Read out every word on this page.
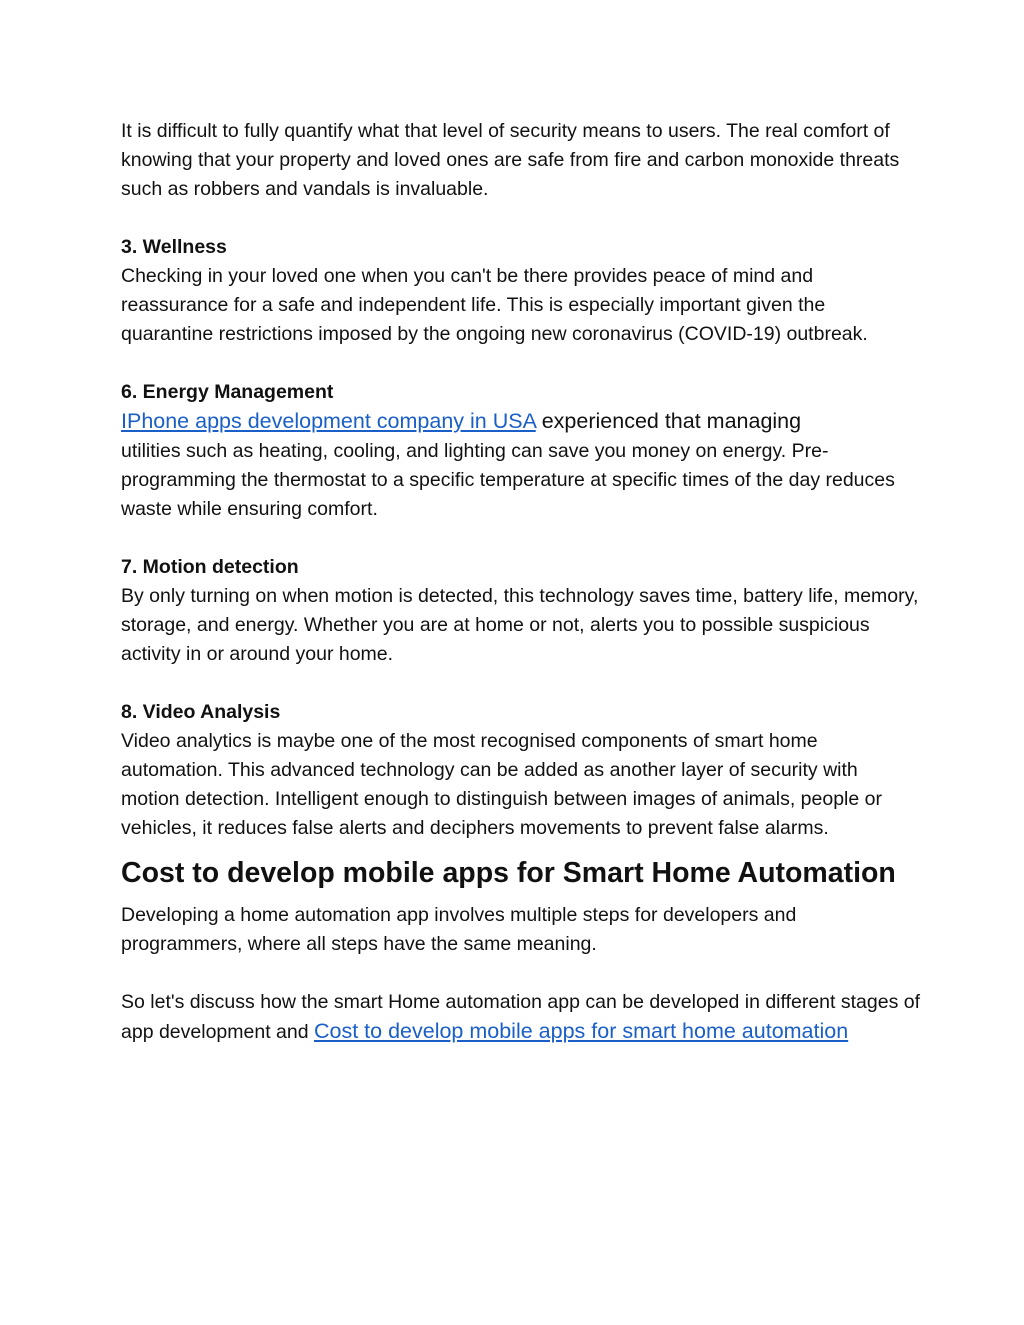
It is difficult to fully quantify what that level of security means to users. The real comfort of knowing that your property and loved ones are safe from fire and carbon monoxide threats such as robbers and vandals is invaluable.

3. Wellness

Checking in your loved one when you can't be there provides peace of mind and reassurance for a safe and independent life. This is especially important given the quarantine restrictions imposed by the ongoing new coronavirus (COVID-19) outbreak.

6. Energy Management

IPhone apps development company in USA experienced that managing
utilities such as heating, cooling, and lighting can save you money on energy. Pre-programming the thermostat to a specific temperature at specific times of the day reduces waste while ensuring comfort.

7. Motion detection

By only turning on when motion is detected, this technology saves time, battery life, memory, storage, and energy. Whether you are at home or not, alerts you to possible suspicious activity in or around your home.

8. Video Analysis

Video analytics is maybe one of the most recognised components of smart home automation. This advanced technology can be added as another layer of security with motion detection. Intelligent enough to distinguish between images of animals, people or vehicles, it reduces false alerts and deciphers movements to prevent false alarms.

Cost to develop mobile apps for Smart Home Automation

Developing a home automation app involves multiple steps for developers and programmers, where all steps have the same meaning.

So let's discuss how the smart Home automation app can be developed in different stages of app development and Cost to develop mobile apps for smart home automation
